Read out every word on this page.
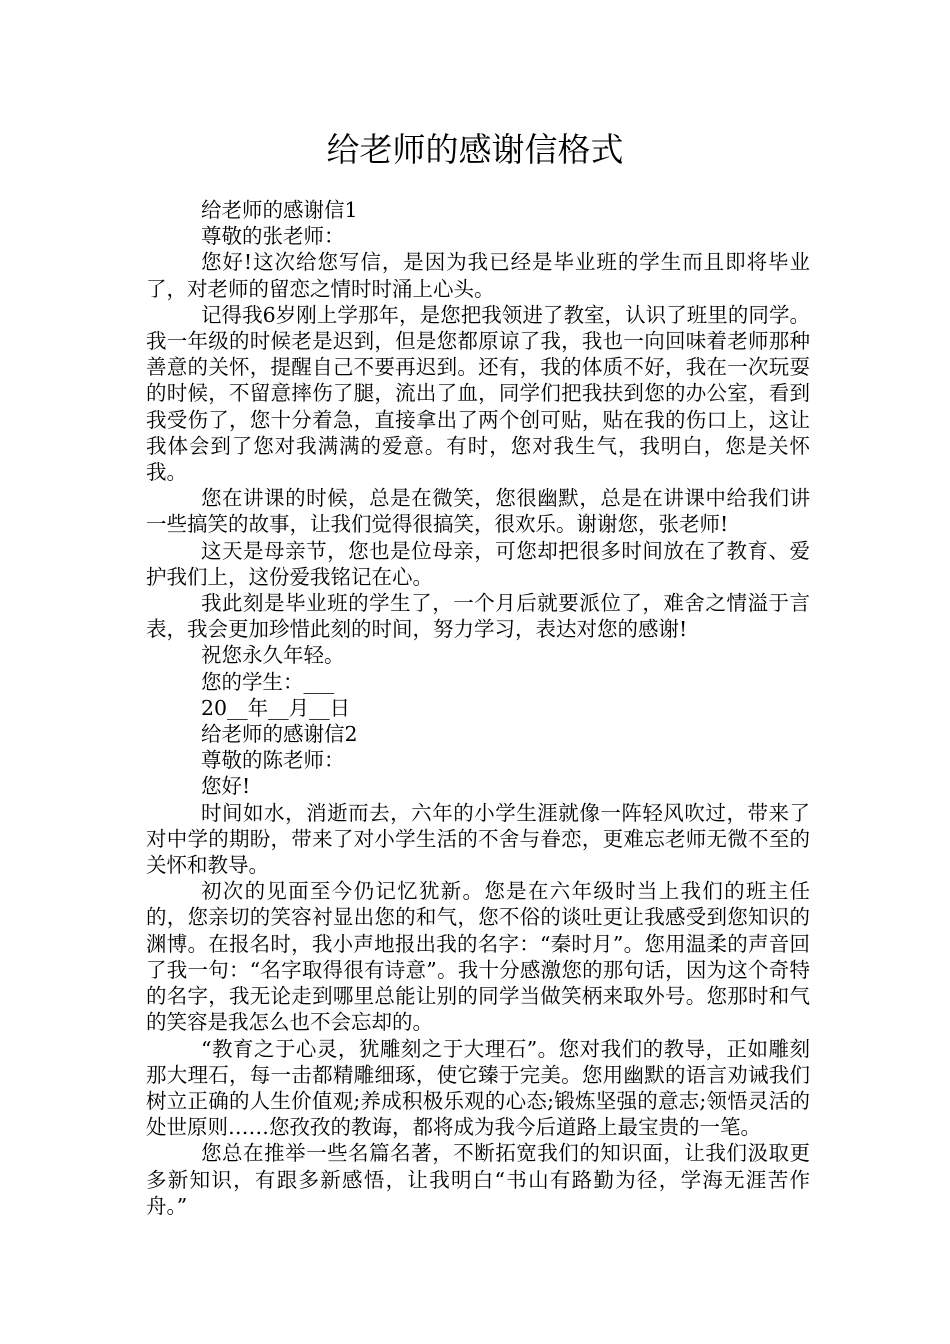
给老师的感谢信格式

给老师的感谢信1

尊敬的张老师：

您好!这次给您写信，是因为我已经是毕业班的学生而且即将毕业了，对老师的留恋之情时时涌上心头。

记得我6岁刚上学那年，是您把我领进了教室，认识了班里的同学。我一年级的时候老是迟到，但是您都原谅了我，我也一向回味着老师那种善意的关怀，提醒自己不要再迟到。还有，我的体质不好，我在一次玩耍的时候，不留意摔伤了腿，流出了血，同学们把我扶到您的办公室，看到我受伤了，您十分着急，直接拿出了两个创可贴，贴在我的伤口上，这让我体会到了您对我满满的爱意。有时，您对我生气，我明白，您是关怀我。

您在讲课的时候，总是在微笑，您很幽默，总是在讲课中给我们讲一些搞笑的故事，让我们觉得很搞笑，很欢乐。谢谢您，张老师!

这天是母亲节，您也是位母亲，可您却把很多时间放在了教育、爱护我们上，这份爱我铭记在心。

我此刻是毕业班的学生了，一个月后就要派位了，难舍之情溢于言表，我会更加珍惜此刻的时间，努力学习，表达对您的感谢!

祝您永久年轻。

您的学生：___

20__年__月__日

给老师的感谢信2

尊敬的陈老师：

您好!

时间如水，消逝而去，六年的小学生涯就像一阵轻风吹过，带来了对中学的期盼，带来了对小学生活的不舍与眷恋，更难忘老师无微不至的关怀和教导。

初次的见面至今仍记忆犹新。您是在六年级时当上我们的班主任的，您亲切的笑容衬显出您的和气，您不俗的谈吐更让我感受到您知识的渊博。在报名时，我小声地报出我的名字：“秦时月”。您用温柔的声音回了我一句：“名字取得很有诗意”。我十分感激您的那句话，因为这个奇特的名字，我无论走到哪里总能让别的同学当做笑柄来取外号。您那时和气的笑容是我怎么也不会忘却的。

“教育之于心灵，犹雕刻之于大理石”。您对我们的教导，正如雕刻那大理石，每一击都精雕细琢，使它臻于完美。您用幽默的语言劝诫我们树立正确的人生价值观;养成积极乐观的心态;锻炼坚强的意志;领悟灵活的处世原则……您孜孜的教诲，都将成为我今后道路上最宝贵的一笔。

您总在推举一些名篇名著，不断拓宽我们的知识面，让我们汲取更多新知识，有跟多新感悟，让我明白“书山有路勤为径，学海无涯苦作舟。”
